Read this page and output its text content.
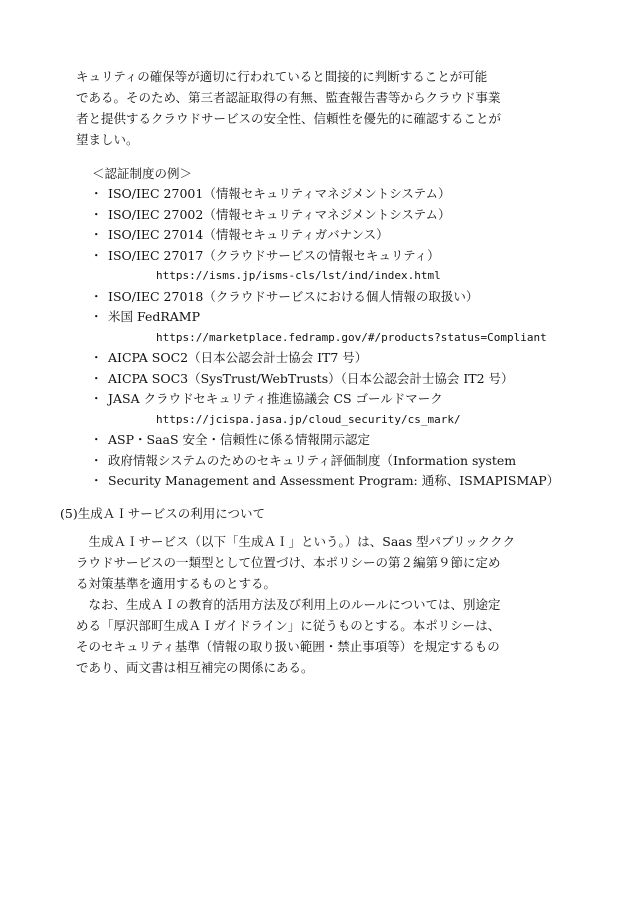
キュリティの確保等が適切に行われていると間接的に判断することが可能
である。そのため、第三者認証取得の有無、監査報告書等からクラウド事業
者と提供するクラウドサービスの安全性、信頼性を優先的に確認することが
望ましい。
＜認証制度の例＞
・ ISO/IEC 27001（情報セキュリティマネジメントシステム）
・ ISO/IEC 27002（情報セキュリティマネジメントシステム）
・ ISO/IEC 27014（情報セキュリティガバナンス）
・ ISO/IEC 27017（クラウドサービスの情報セキュリティ）
https://isms.jp/isms-cls/lst/ind/index.html
・ ISO/IEC 27018（クラウドサービスにおける個人情報の取扱い）
・ 米国 FedRAMP
https://marketplace.fedramp.gov/#/products?status=Compliant
・ AICPA SOC2（日本公認会計士協会 IT7 号）
・ AICPA SOC3（SysTrust/WebTrusts）（日本公認会計士協会 IT2 号）
・ JASA クラウドセキュリティ推進協議会 CS ゴールドマーク
https://jcispa.jasa.jp/cloud_security/cs_mark/
・ ASP・SaaS 安全・信頼性に係る情報開示認定
・ 政府情報システムのためのセキュリティ評価制度（Information system
・ Security Management and Assessment Program: 通称、ISMAPISMAP）
(5)生成ＡＩサービスの利用について
　生成ＡＩサービス（以下「生成ＡＩ」という。）は、Saas 型パブリッククク
ラウドサービスの一類型として位置づけ、本ポリシーの第２編第９節に定め
る対策基準を適用するものとする。
　なお、生成ＡＩの教育的活用方法及び利用上のルールについては、別途定
める「厚沢部町生成ＡＩガイドライン」に従うものとする。本ポリシーは、
そのセキュリティ基準（情報の取り扱い範囲・禁止事項等）を規定するもの
であり、両文書は相互補完の関係にある。
